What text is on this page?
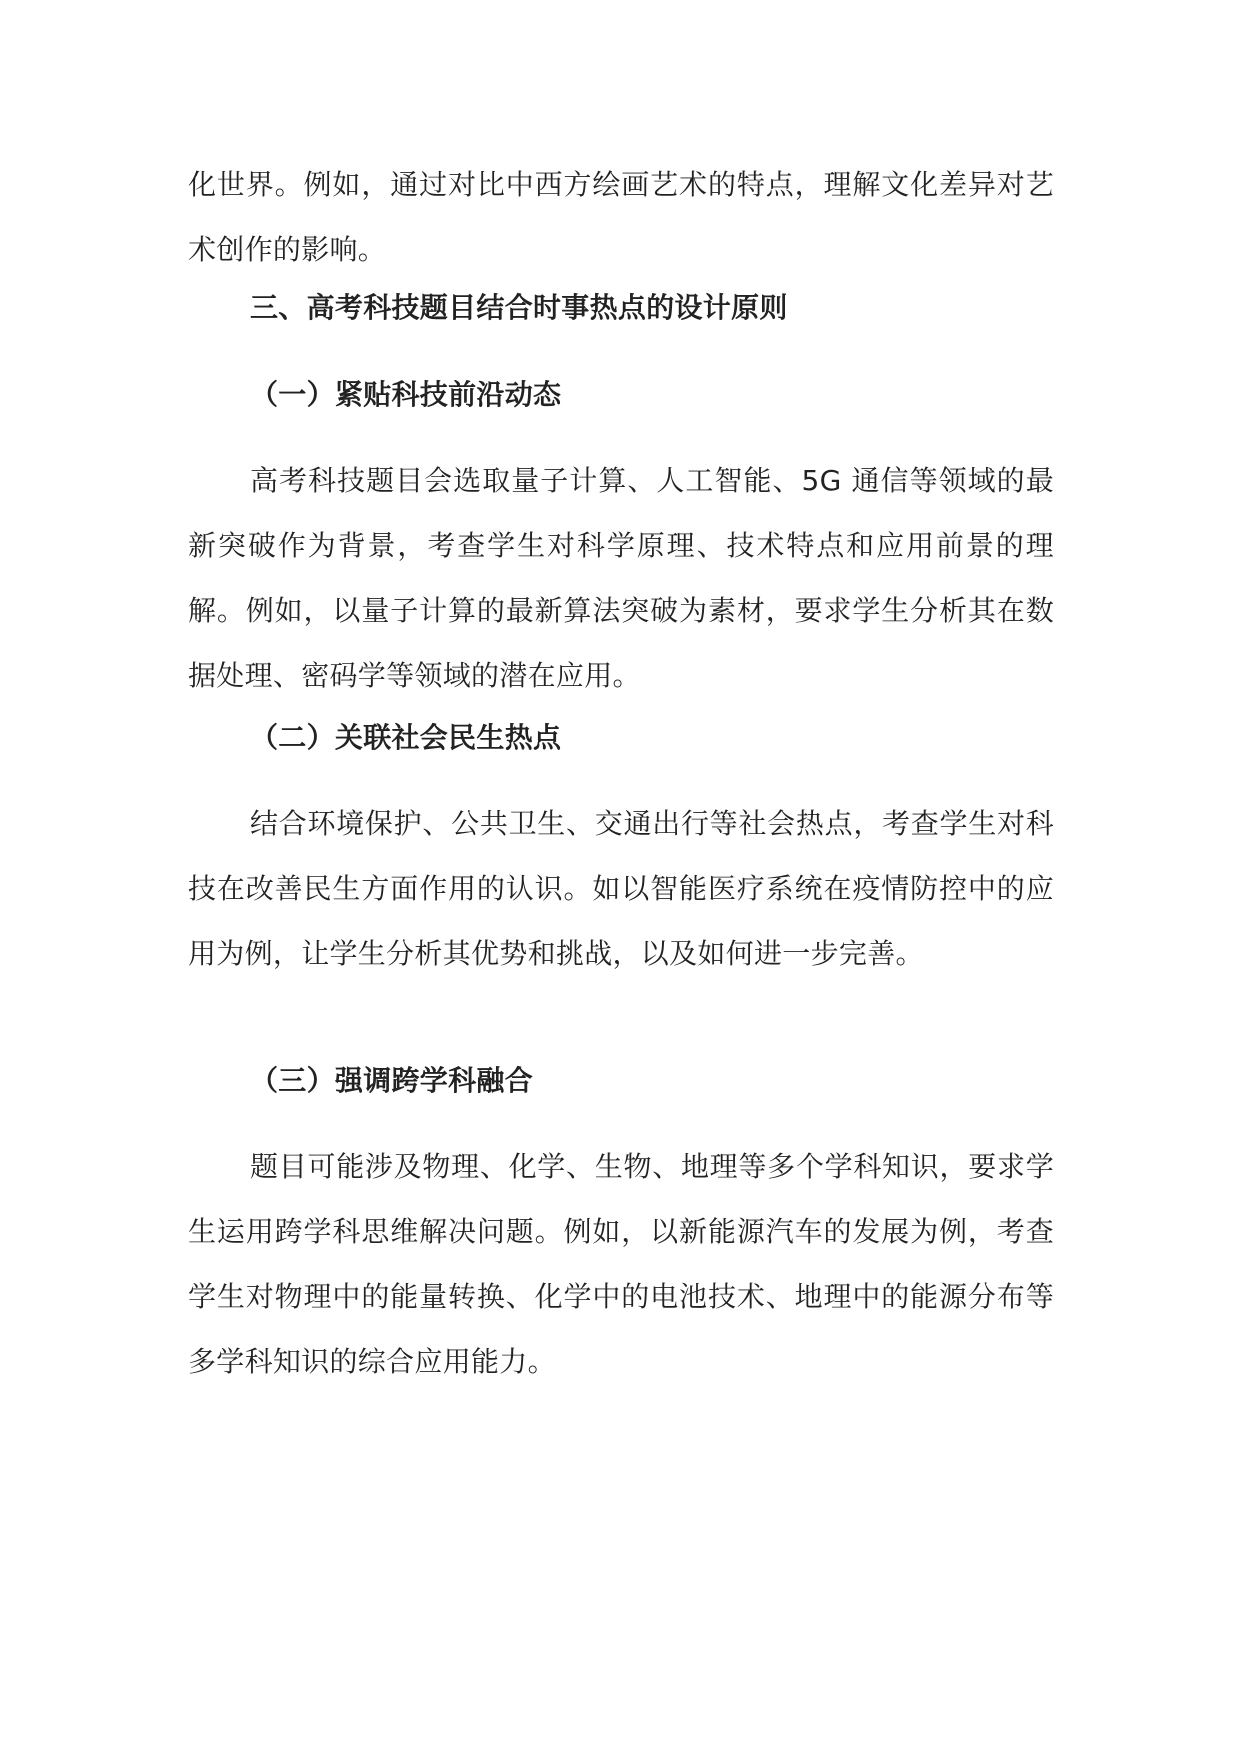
化世界。例如，通过对比中西方绘画艺术的特点，理解文化差异对艺术创作的影响。

三、高考科技题目结合时事热点的设计原则

（一）紧贴科技前沿动态

高考科技题目会选取量子计算、人工智能、5G 通信等领域的最新突破作为背景，考查学生对科学原理、技术特点和应用前景的理解。例如，以量子计算的最新算法突破为素材，要求学生分析其在数据处理、密码学等领域的潜在应用。

（二）关联社会民生热点

结合环境保护、公共卫生、交通出行等社会热点，考查学生对科技在改善民生方面作用的认识。如以智能医疗系统在疫情防控中的应用为例，让学生分析其优势和挑战，以及如何进一步完善。

（三）强调跨学科融合

题目可能涉及物理、化学、生物、地理等多个学科知识，要求学生运用跨学科思维解决问题。例如，以新能源汽车的发展为例，考查学生对物理中的能量转换、化学中的电池技术、地理中的能源分布等多学科知识的综合应用能力。
